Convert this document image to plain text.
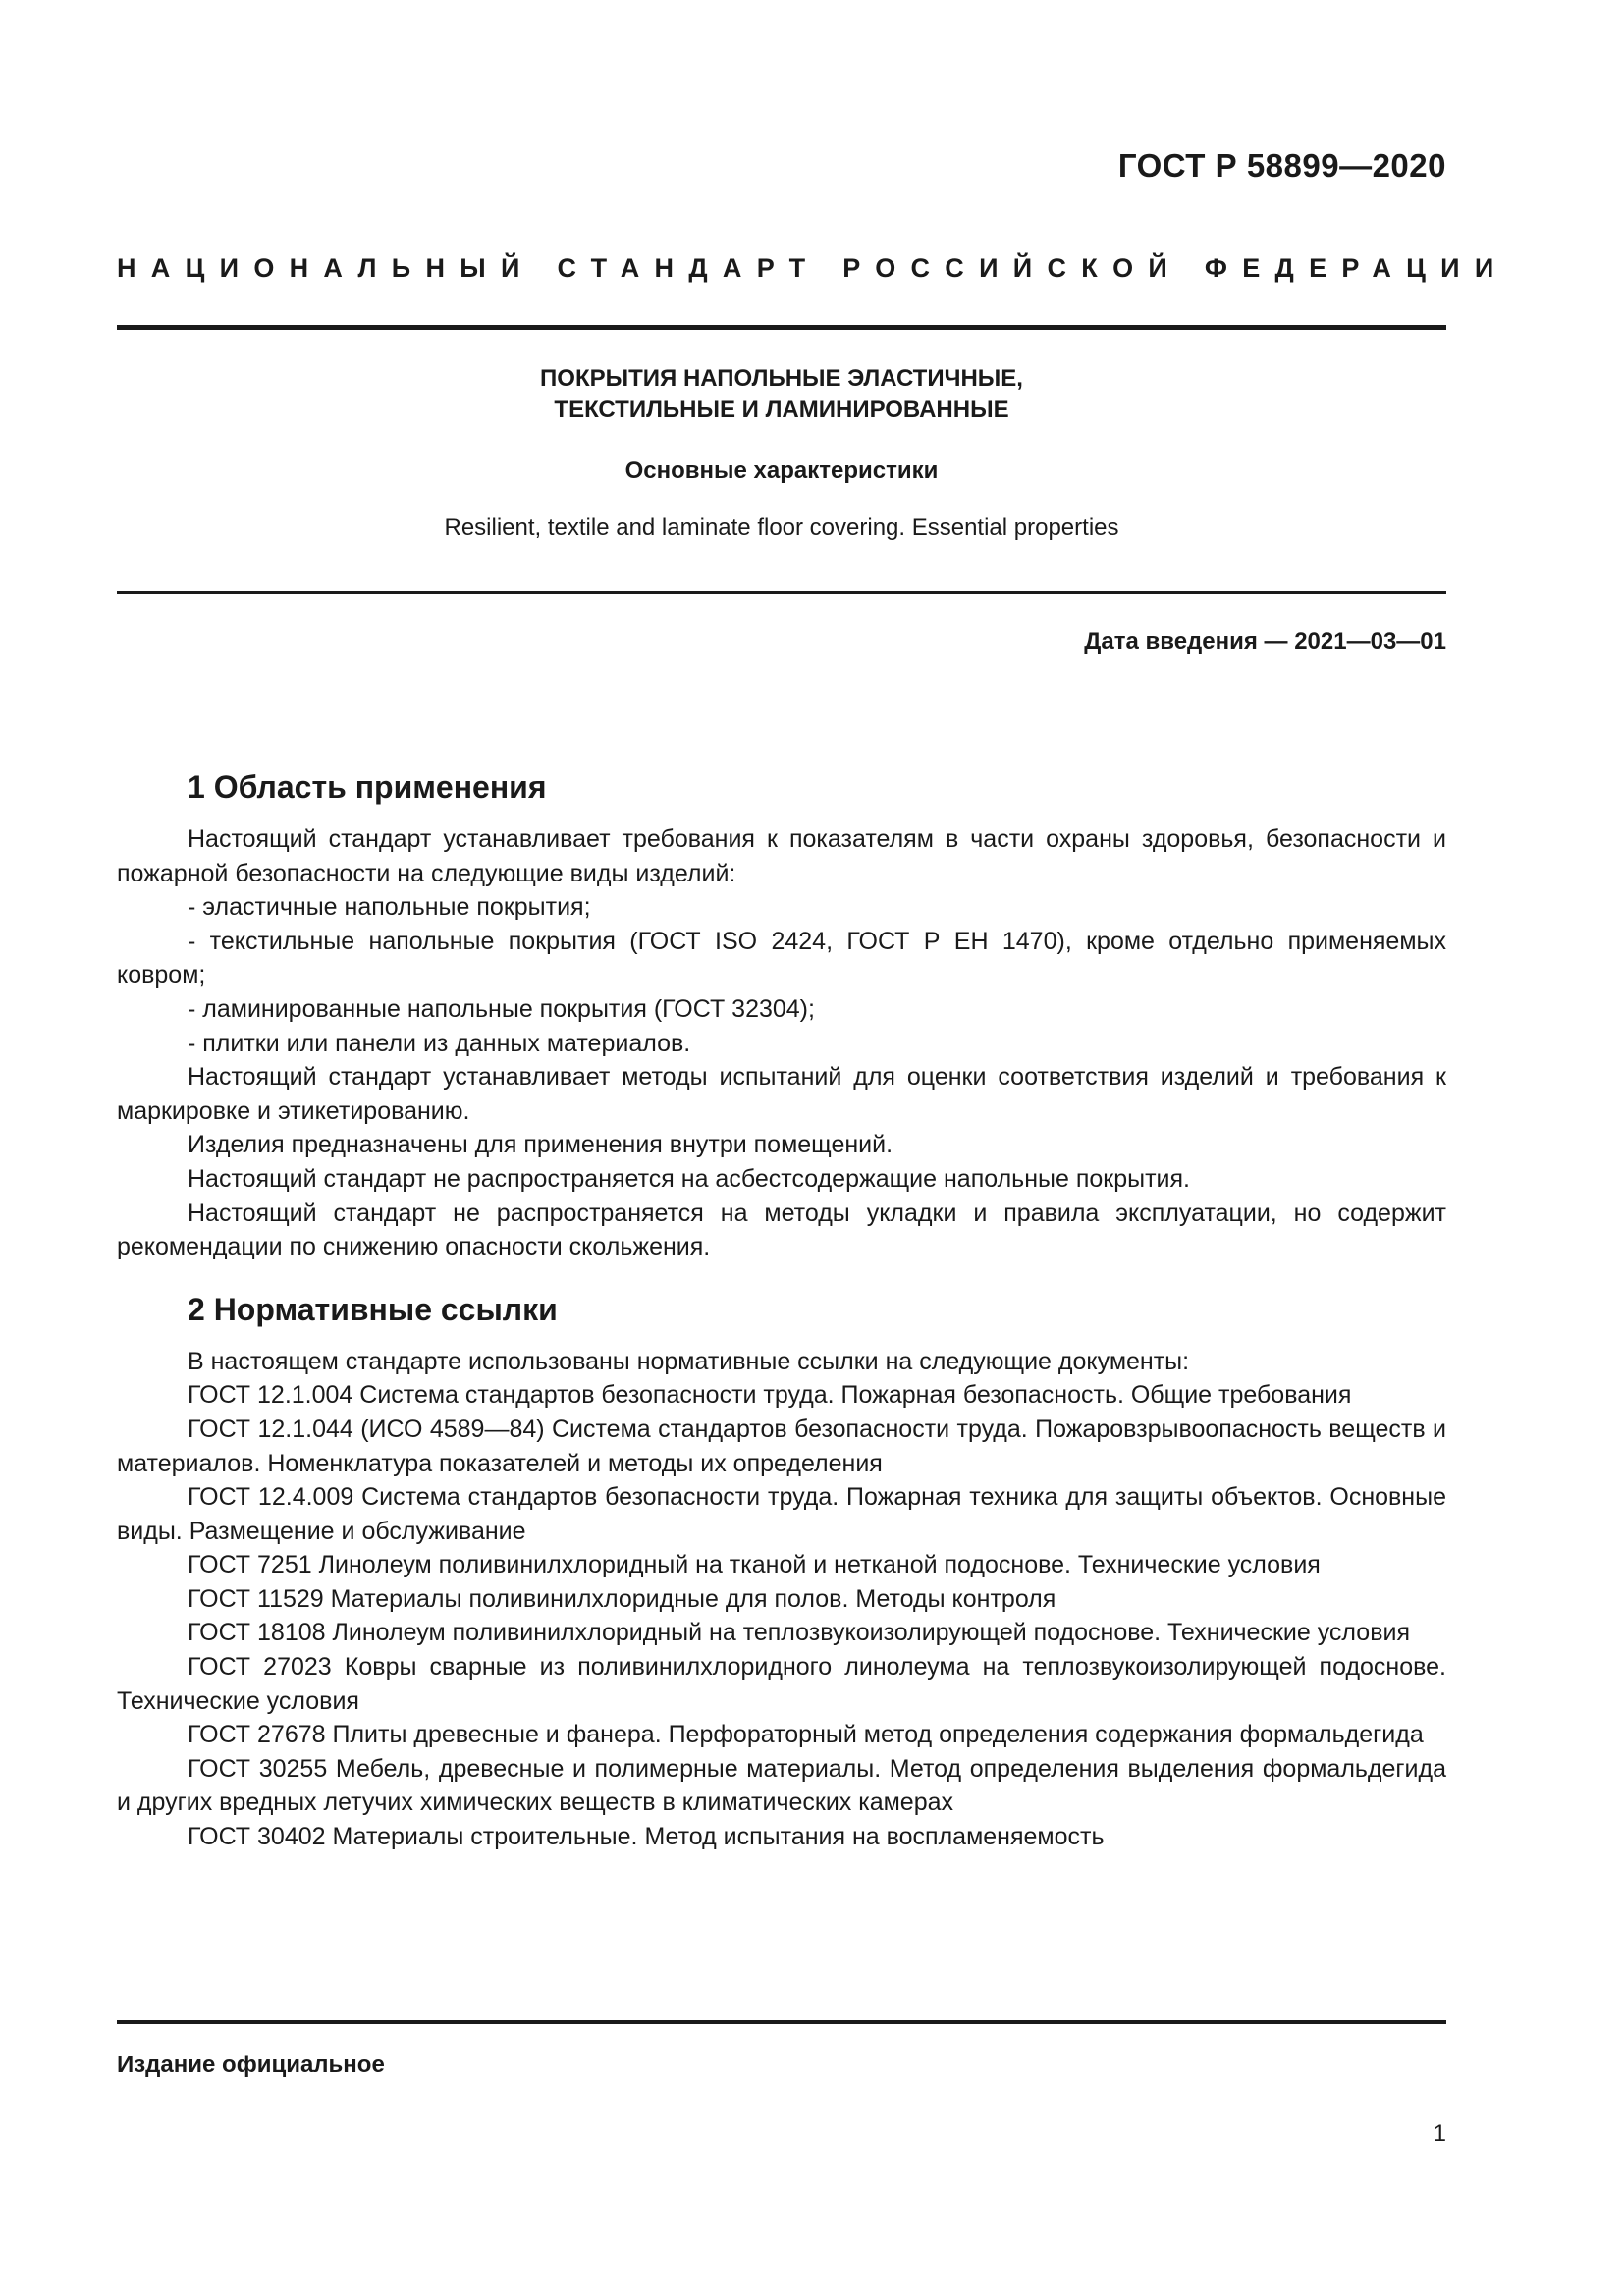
ГОСТ Р 58899—2020
НАЦИОНАЛЬНЫЙ СТАНДАРТ РОССИЙСКОЙ ФЕДЕРАЦИИ
ПОКРЫТИЯ НАПОЛЬНЫЕ ЭЛАСТИЧНЫЕ,
ТЕКСТИЛЬНЫЕ И ЛАМИНИРОВАННЫЕ
Основные характеристики
Resilient, textile and laminate floor covering. Essential properties
Дата введения — 2021—03—01
1 Область применения

Настоящий стандарт устанавливает требования к показателям в части охраны здоровья, безопасности и пожарной безопасности на следующие виды изделий:

- эластичные напольные покрытия;

- текстильные напольные покрытия (ГОСТ ISO 2424, ГОСТ Р ЕН 1470), кроме отдельно применяемых ковром;

- ламинированные напольные покрытия (ГОСТ 32304);

- плитки или панели из данных материалов.

Настоящий стандарт устанавливает методы испытаний для оценки соответствия изделий и требования к маркировке и этикетированию.

Изделия предназначены для применения внутри помещений.

Настоящий стандарт не распространяется на асбестсодержащие напольные покрытия.

Настоящий стандарт не распространяется на методы укладки и правила эксплуатации, но содержит рекомендации по снижению опасности скольжения.

2 Нормативные ссылки

В настоящем стандарте использованы нормативные ссылки на следующие документы:

ГОСТ 12.1.004 Система стандартов безопасности труда. Пожарная безопасность. Общие требования

ГОСТ 12.1.044 (ИСО 4589—84) Система стандартов безопасности труда. Пожаровзрывоопасность веществ и материалов. Номенклатура показателей и методы их определения

ГОСТ 12.4.009 Система стандартов безопасности труда. Пожарная техника для защиты объектов. Основные виды. Размещение и обслуживание

ГОСТ 7251 Линолеум поливинилхлоридный на тканой и нетканой подоснове. Технические условия

ГОСТ 11529 Материалы поливинилхлоридные для полов. Методы контроля

ГОСТ 18108 Линолеум поливинилхлоридный на теплозвукоизолирующей подоснове. Технические условия

ГОСТ 27023 Ковры сварные из поливинилхлоридного линолеума на теплозвукоизолирующей подоснове. Технические условия

ГОСТ 27678 Плиты древесные и фанера. Перфораторный метод определения содержания формальдегида

ГОСТ 30255 Мебель, древесные и полимерные материалы. Метод определения выделения формальдегида и других вредных летучих химических веществ в климатических камерах

ГОСТ 30402 Материалы строительные. Метод испытания на воспламеняемость

Издание официальное
1
